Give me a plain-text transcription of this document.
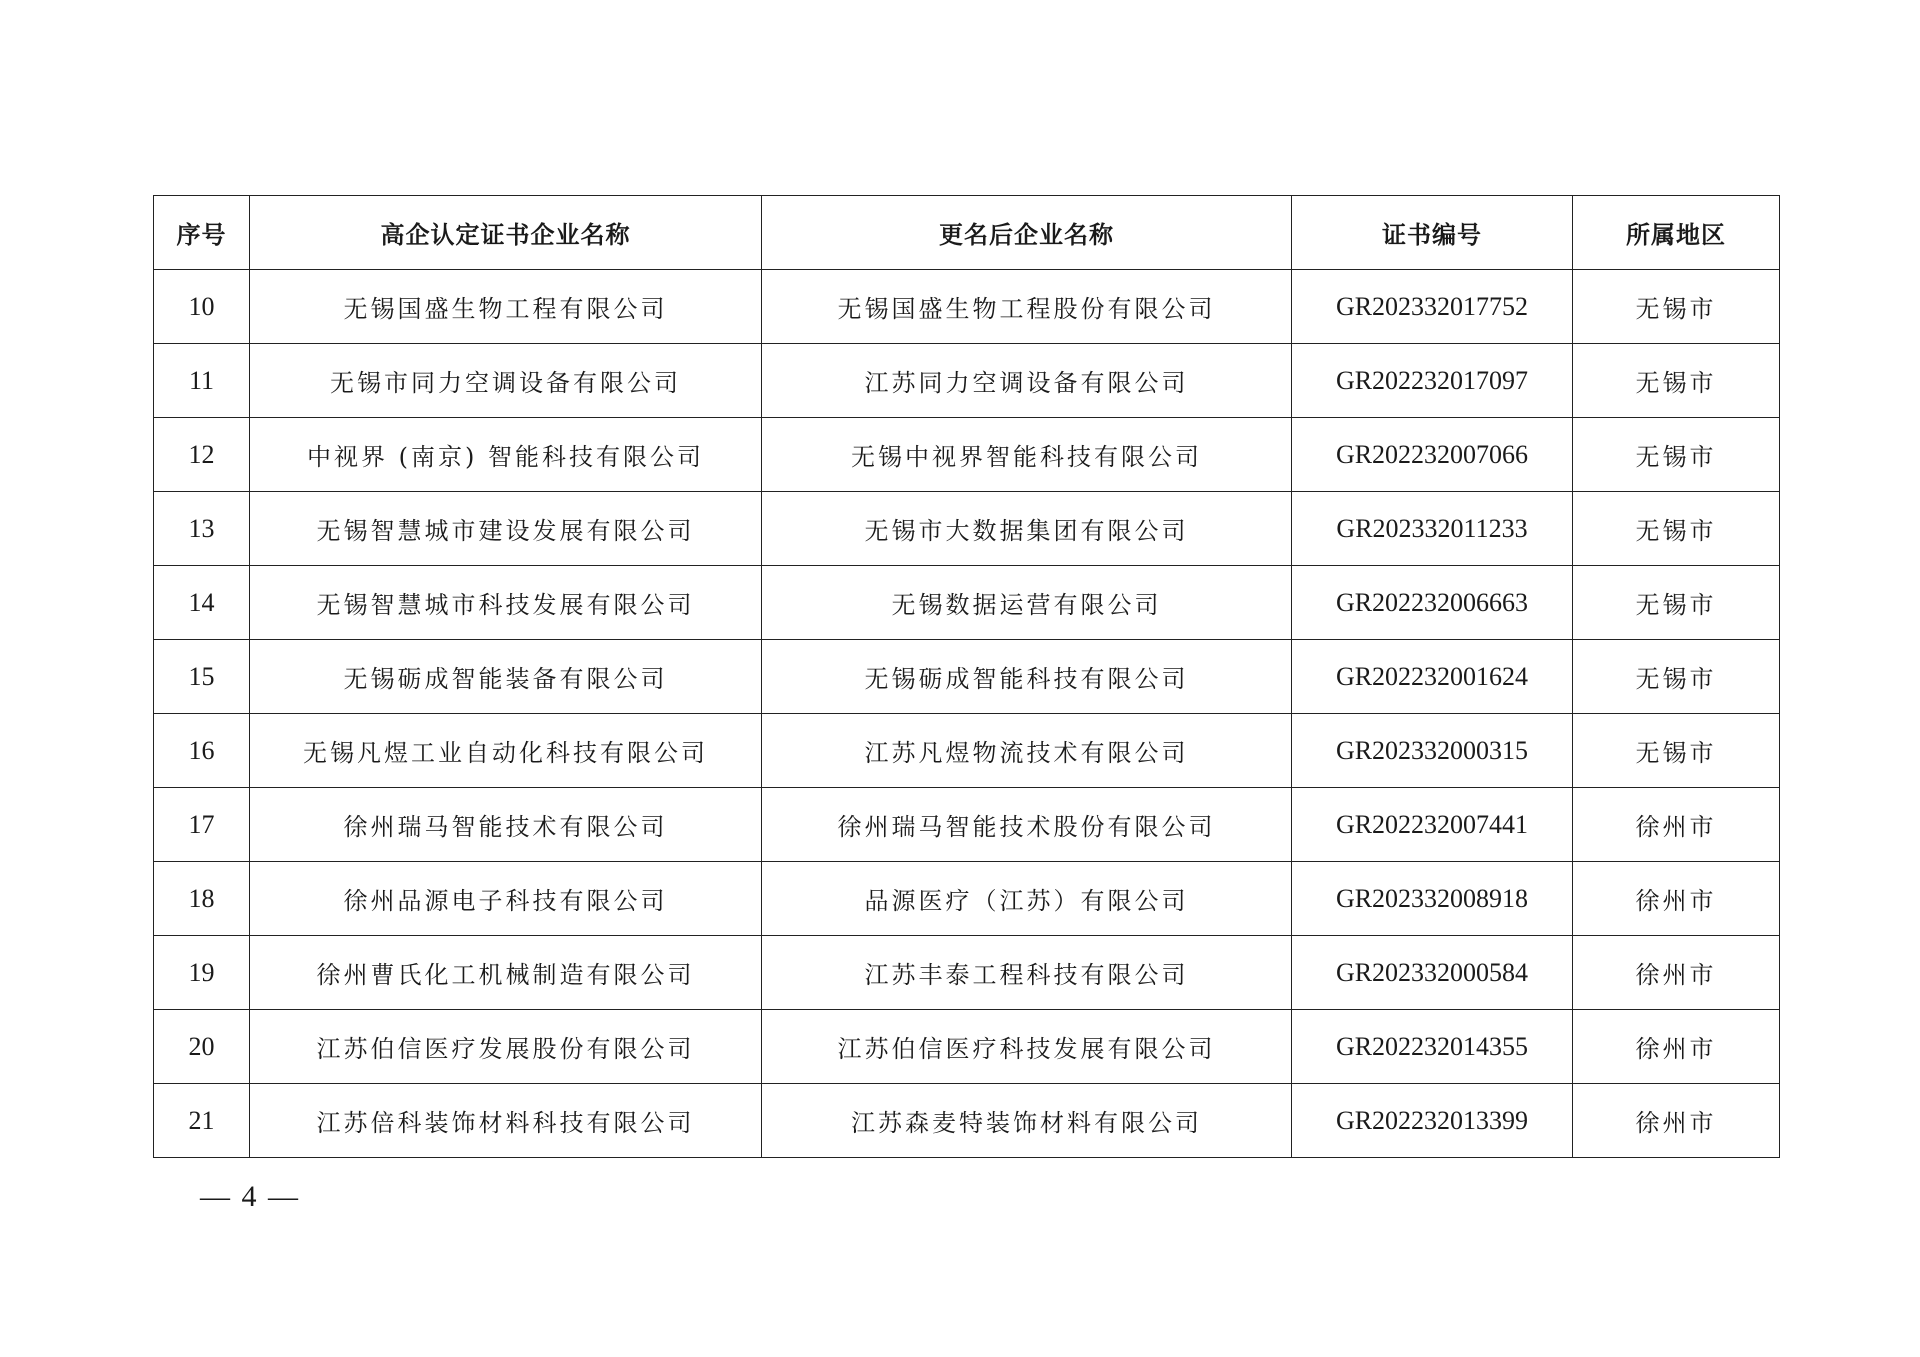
序号	高企认定证书企业名称	更名后企业名称	证书编号	所属地区
10	无锡国盛生物工程有限公司	无锡国盛生物工程股份有限公司	GR202332017752	无锡市
11	无锡市同力空调设备有限公司	江苏同力空调设备有限公司	GR202232017097	无锡市
12	中视界 (南京) 智能科技有限公司	无锡中视界智能科技有限公司	GR202232007066	无锡市
13	无锡智慧城市建设发展有限公司	无锡市大数据集团有限公司	GR202332011233	无锡市
14	无锡智慧城市科技发展有限公司	无锡数据运营有限公司	GR202232006663	无锡市
15	无锡砺成智能装备有限公司	无锡砺成智能科技有限公司	GR202232001624	无锡市
16	无锡凡煜工业自动化科技有限公司	江苏凡煜物流技术有限公司	GR202332000315	无锡市
17	徐州瑞马智能技术有限公司	徐州瑞马智能技术股份有限公司	GR202232007441	徐州市
18	徐州品源电子科技有限公司	品源医疗（江苏）有限公司	GR202332008918	徐州市
19	徐州曹氏化工机械制造有限公司	江苏丰泰工程科技有限公司	GR202332000584	徐州市
20	江苏伯信医疗发展股份有限公司	江苏伯信医疗科技发展有限公司	GR202232014355	徐州市
21	江苏倍科装饰材料科技有限公司	江苏森麦特装饰材料有限公司	GR202232013399	徐州市
— 4 —
